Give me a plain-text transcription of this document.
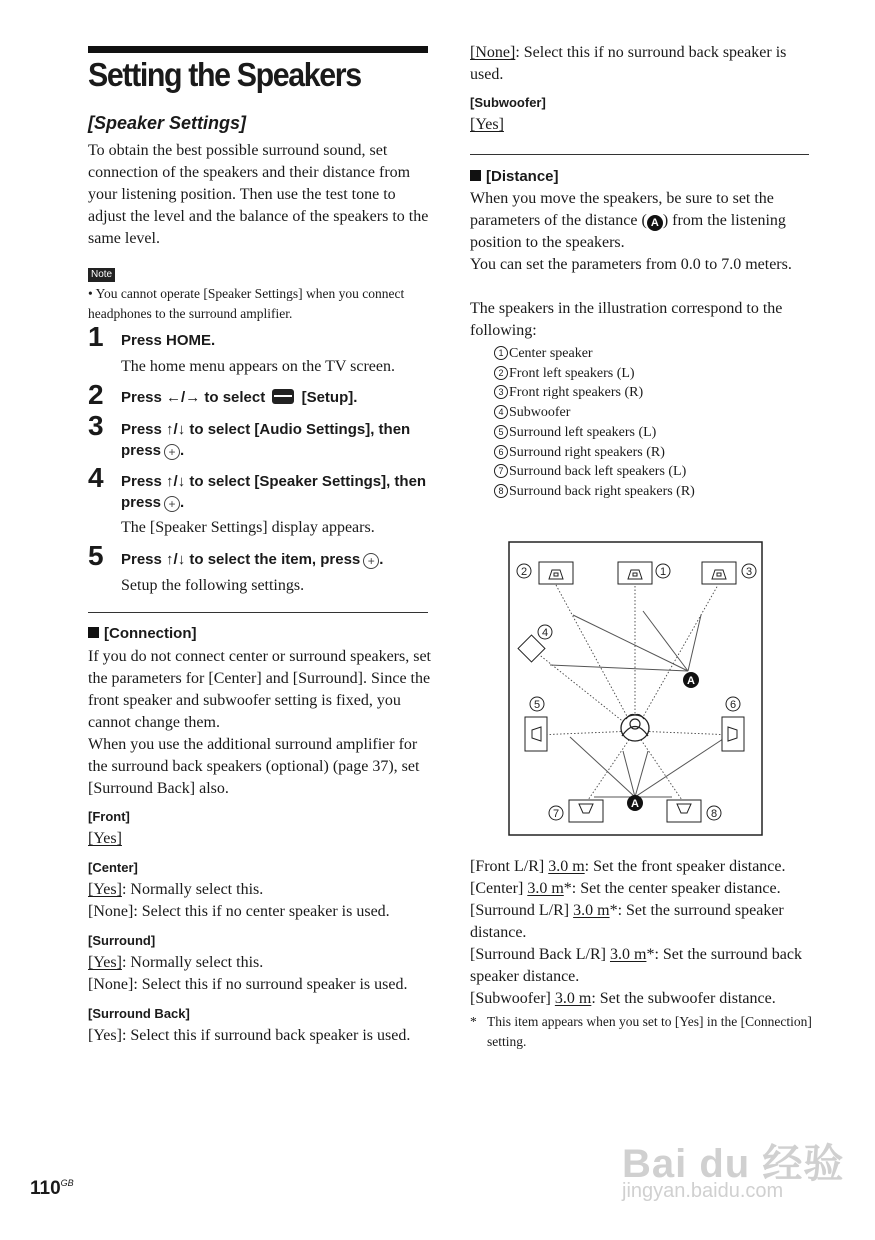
Setting the Speakers
[Speaker Settings]

To obtain the best possible surround sound, set connection of the speakers and their distance from your listening position. Then use the test tone to adjust the level and the balance of the speakers to the same level.

Note

• You cannot operate [Speaker Settings] when you connect headphones to the surround amplifier.

1 Press HOME.
The home menu appears on the TV screen.
2 Press ←/→ to select  [Setup].
3 Press ↑/↓ to select [Audio Settings], then press + .
4 Press ↑/↓ to select [Speaker Settings], then press + .
The [Speaker Settings] display appears.
5 Press ↑/↓ to select the item, press + .
Setup the following settings.

[Connection]

If you do not connect center or surround speakers, set the parameters for [Center] and [Surround]. Since the front speaker and subwoofer setting is fixed, you cannot change them.

When you use the additional surround amplifier for the surround back speakers (optional) (page 37), set [Surround Back] also.

[Front]

[Yes]

[Center]

[Yes]: Normally select this.

[None]: Select this if no center speaker is used.

[Surround]

[Yes]: Normally select this.

[None]: Select this if no surround speaker is used.

[Surround Back]

[Yes]: Select this if surround back speaker is used.

[None]: Select this if no surround back speaker is used.

[Subwoofer]

[Yes]

[Distance]

When you move the speakers, be sure to set the parameters of the distance ( A ) from the listening position to the speakers.

You can set the parameters from 0.0 to 7.0 meters.

The speakers in the illustration correspond to the following:

1 Center speaker

2 Front left speakers (L)

3 Front right speakers (R)

4 Subwoofer

5 Surround left speakers (L)

6 Surround right speakers (R)

7 Surround back left speakers (L)

8 Surround back right speakers (R)

2	1	3
4
5	6
7	8
A
A

[Front L/R] 3.0 m: Set the front speaker distance.

[Center] 3.0 m*: Set the center speaker distance.

[Surround L/R] 3.0 m*: Set the surround speaker distance.

[Surround Back L/R] 3.0 m*: Set the surround back speaker distance.

[Subwoofer] 3.0 m: Set the subwoofer distance.

* This item appears when you set to [Yes] in the [Connection] setting.
$110^{GB}$	Bai du 经验
jingyan.baidu.com
